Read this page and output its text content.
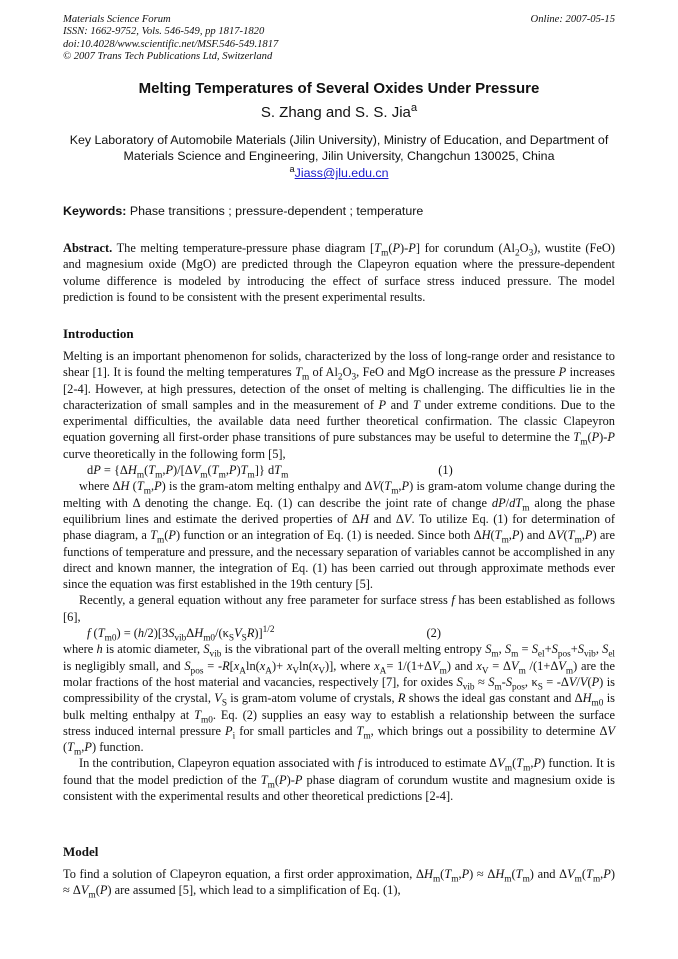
Materials Science Forum
ISSN: 1662-9752, Vols. 546-549, pp 1817-1820
doi:10.4028/www.scientific.net/MSF.546-549.1817
© 2007 Trans Tech Publications Ltd, Switzerland
Online: 2007-05-15
Melting Temperatures of Several Oxides Under Pressure
S. Zhang and S. S. Jia$^a$
Key Laboratory of Automobile Materials (Jilin University), Ministry of Education, and Department of Materials Science and Engineering, Jilin University, Changchun 130025, China
$^a$Jiass@jlu.edu.cn
Keywords: Phase transitions ; pressure-dependent ; temperature

Abstract. The melting temperature-pressure phase diagram $[T_m(P)-P]$ for corundum $(Al_2O_3)$, wustite (FeO) and magnesium oxide (MgO) are predicted through the Clapeyron equation where the pressure-dependent volume difference is modeled by introducing the effect of surface stress induced pressure. The model prediction is found to be consistent with the present experimental results.

Introduction

Melting is an important phenomenon for solids, characterized by the loss of long-range order and resistance to shear [1]. It is found the melting temperatures $T_m$ of $Al_2O_3$, FeO and MgO increase as the pressure P increases [2-4]. However, at high pressures, detection of the onset of melting is challenging. The difficulties lie in the characterization of small samples and in the measurement of P and T under extreme conditions. Due to the experimental difficulties, the available data need further theoretical confirmation. The classic Clapeyron equation governing all first-order phase transitions of pure substances may be useful to determine the $T_m(P)-P$ curve theoretically in the following form [5],

dP = $\{\Delta H_m(T_m,P)/[\Delta V_m(T_m,P)T_m]\}$ $dT_m$	(1)

where ΔH $(T_m,P)$ is the gram-atom melting enthalpy and $\Delta V(T_m,P)$ is gram-atom volume change during the melting with Δ denoting the change. Eq. (1) can describe the joint rate of change $dP/dT_m$ along the phase equilibrium lines and estimate the derived properties of ΔH and ΔV. To utilize Eq. (1) for determination of phase diagram, a $T_m(P)$ function or an integration of Eq. (1) is needed. Since both $\Delta H(T_m,P)$ and $\Delta V(T_m,P)$ are functions of temperature and pressure, and the necessary separation of variables cannot be accomplished in any direct and known manner, the integration of Eq. (1) has been carried out through approximate methods ever since the equation was first established in the 19th century [5].

Recently, a general equation without any free parameter for surface stress f has been established as follows [6],

f $(T_{m0}) = (h/2)[3S_{vib}\Delta H_{m0}/(\kappa_SV_SR)]^{1/2}$	(2)

where h is atomic diameter, $S_{vib}$ is the vibrational part of the overall melting entropy $S_m$, $S_m = S_{el}+S_{pos}+S_{vib}$, $S_{el}$ is negligibly small, and $S_{pos} = -R[x_A\ln(x_A)+ x_V\ln(x_V)]$, where $x_A= 1/(1+\Delta V_m)$ and $x_V = \Delta V_m$ $/(1+\Delta V_m)$ are the molar fractions of the host material and vacancies, respectively [7], for oxides $S_{vib} \approx S_m-S_{pos}$, $\kappa_S = -\Delta V/V(P)$ is compressibility of the crystal, $V_S$ is gram-atom volume of crystals, R shows the ideal gas constant and $\Delta H_{m0}$ is bulk melting enthalpy at $T_{m0}$. Eq. (2) supplies an easy way to establish a relationship between the surface stress induced internal pressure $P_i$ for small particles and $T_m$, which brings out a possibility to determine ΔV $(T_m,P)$ function.

In the contribution, Clapeyron equation associated with f is introduced to estimate $\Delta V_m(T_m,P)$ function. It is found that the model prediction of the $T_m(P)-P$ phase diagram of corundum wustite and magnesium oxide is consistent with the experimental results and other theoretical predictions [2-4].

Model

To find a solution of Clapeyron equation, a first order approximation, $\Delta H_m(T_m,P) \approx \Delta H_m(T_m)$ and $\Delta V_m(T_m,P) \approx \Delta V_m(P)$ are assumed [5], which lead to a simplification of Eq. (1),
